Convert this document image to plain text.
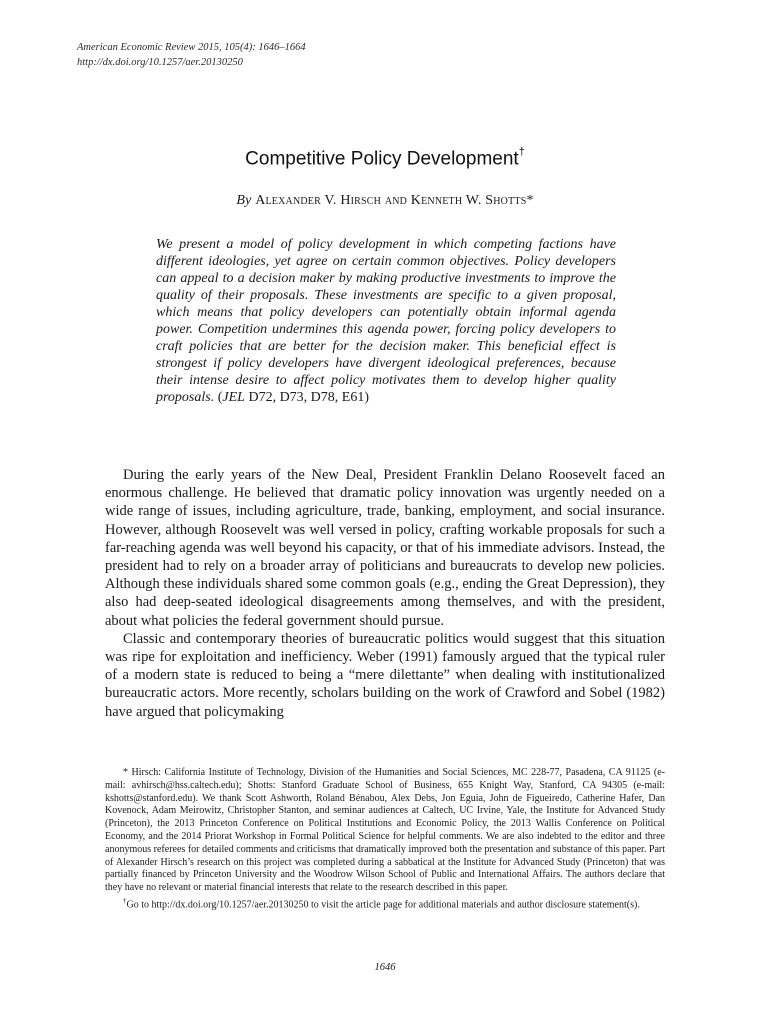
American Economic Review 2015, 105(4): 1646–1664
http://dx.doi.org/10.1257/aer.20130250
Competitive Policy Development†
By Alexander V. Hirsch and Kenneth W. Shotts*

We present a model of policy development in which competing factions have different ideologies, yet agree on certain common objectives. Policy developers can appeal to a decision maker by making productive investments to improve the quality of their proposals. These investments are specific to a given proposal, which means that policy developers can potentially obtain informal agenda power. Competition undermines this agenda power, forcing policy developers to craft policies that are better for the decision maker. This beneficial effect is strongest if policy developers have divergent ideological preferences, because their intense desire to affect policy motivates them to develop higher quality proposals. (JEL D72, D73, D78, E61)

During the early years of the New Deal, President Franklin Delano Roosevelt faced an enormous challenge. He believed that dramatic policy innovation was urgently needed on a wide range of issues, including agriculture, trade, banking, employment, and social insurance. However, although Roosevelt was well versed in policy, crafting workable proposals for such a far-reaching agenda was well beyond his capacity, or that of his immediate advisors. Instead, the president had to rely on a broader array of politicians and bureaucrats to develop new policies. Although these individuals shared some common goals (e.g., ending the Great Depression), they also had deep-seated ideological disagreements among themselves, and with the president, about what policies the federal government should pursue.

Classic and contemporary theories of bureaucratic politics would suggest that this situation was ripe for exploitation and inefficiency. Weber (1991) famously argued that the typical ruler of a modern state is reduced to being a “mere dilettante” when dealing with institutionalized bureaucratic actors. More recently, scholars building on the work of Crawford and Sobel (1982) have argued that policymaking

* Hirsch: California Institute of Technology, Division of the Humanities and Social Sciences, MC 228-77, Pasadena, CA 91125 (e-mail: avhirsch@hss.caltech.edu); Shotts: Stanford Graduate School of Business, 655 Knight Way, Stanford, CA 94305 (e-mail: kshotts@stanford.edu). We thank Scott Ashworth, Roland Bénabou, Alex Debs, Jon Eguia, John de Figueiredo, Catherine Hafer, Dan Kovenock, Adam Meirowitz, Christopher Stanton, and seminar audiences at Caltech, UC Irvine, Yale, the Institute for Advanced Study (Princeton), the 2013 Princeton Conference on Political Institutions and Economic Policy, the 2013 Wallis Conference on Political Economy, and the 2014 Priorat Workshop in Formal Political Science for helpful comments. We are also indebted to the editor and three anonymous referees for detailed comments and criticisms that dramatically improved both the presentation and substance of this paper. Part of Alexander Hirsch’s research on this project was completed during a sabbatical at the Institute for Advanced Study (Princeton) that was partially financed by Princeton University and the Woodrow Wilson School of Public and International Affairs. The authors declare that they have no relevant or material financial interests that relate to the research described in this paper.

†Go to http://dx.doi.org/10.1257/aer.20130250 to visit the article page for additional materials and author disclosure statement(s).

1646
